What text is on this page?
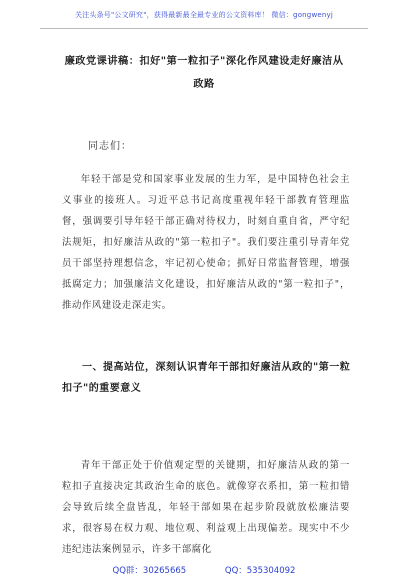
关注头条号"公文研究"，获得最新最全最专业的公文资料库！ 微信：gongwenyj
廉政党课讲稿：扣好"第一粒扣子"深化作风建设走好廉洁从政路
同志们：
年轻干部是党和国家事业发展的生力军，是中国特色社会主义事业的接班人。习近平总书记高度重视年轻干部教育管理监督，强调要引导年轻干部正确对待权力，时刻自重自省，严守纪法规矩，扣好廉洁从政的"第一粒扣子"。我们要注重引导青年党员干部坚持理想信念，牢记初心使命；抓好日常监督管理，增强抵腐定力；加强廉洁文化建设，扣好廉洁从政的"第一粒扣子"，推动作风建设走深走实。
一、提高站位，深刻认识青年干部扣好廉洁从政的"第一粒扣子"的重要意义
青年干部正处于价值观定型的关键期，扣好廉洁从政的第一粒扣子直接决定其政治生命的底色。就像穿衣系扣，第一粒扣错会导致后续全盘皆乱，年轻干部如果在起步阶段就放松廉洁要求，很容易在权力观、地位观、利益观上出现偏差。现实中不少违纪违法案例显示，许多干部腐化
QQ群：30265665	QQ：535304092
